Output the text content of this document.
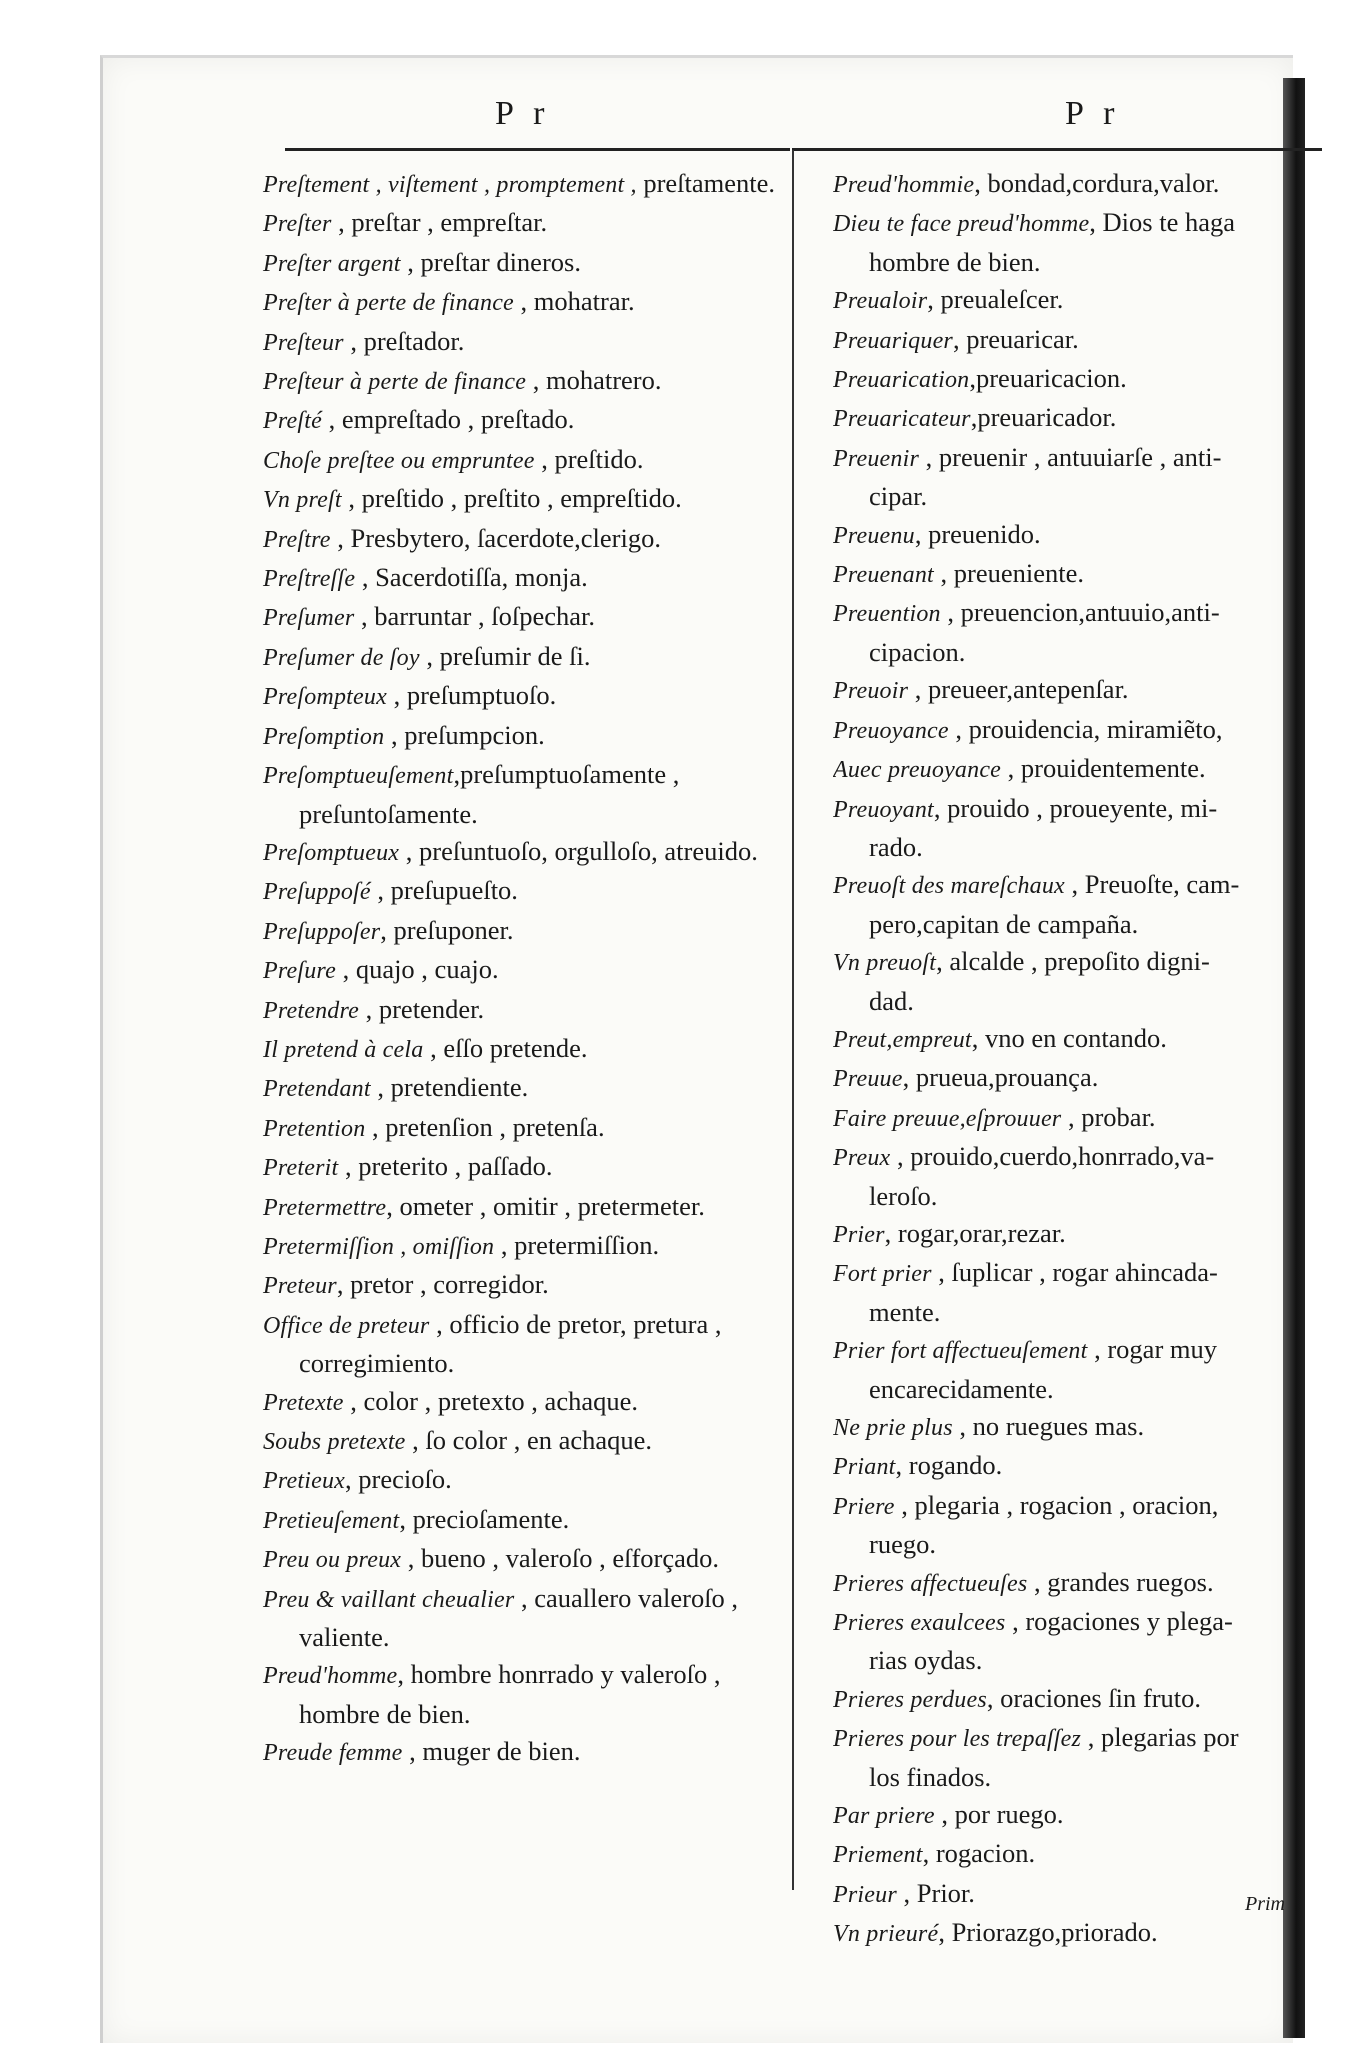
P r	P r
Preſtement , viſtement , promptement , preſtamente.
Preſter , preſtar , empreſtar.
Preſter argent , preſtar dineros.
Preſter à perte de finance , mohatrar.
Preſteur , preſtador.
Preſteur à perte de finance , mohatrero.
Preſté , empreſtado , preſtado.
Choſe preſtee ou empruntee , preſtido.
Vn preſt , preſtido , preſtito , empreſtido.
Preſtre , Presbytero, ſacerdote,clerigo.
Preſtreſſe , Sacerdotiſſa, monja.
Preſumer , barruntar , ſoſpechar.
Preſumer de ſoy , preſumir de ſi.
Preſompteux , preſumptuoſo.
Preſomption , preſumpcion.
Preſomptueuſement,preſumptuoſamente , preſuntoſamente.
Preſomptueux , preſuntuoſo, orgulloſo, atreuido.
Preſuppoſé , preſupueſto.
Preſuppoſer, preſuponer.
Preſure , quajo , cuajo.
Pretendre , pretender.
Il pretend à cela , eſſo pretende.
Pretendant , pretendiente.
Pretention , pretenſion , pretenſa.
Preterit , preterito , paſſado.
Pretermettre, ometer , omitir , pretermeter.
Pretermiſſion , omiſſion , pretermiſſion.
Preteur, pretor , corregidor.
Office de preteur , officio de pretor, pretura , corregimiento.
Pretexte , color , pretexto , achaque.
Soubs pretexte , ſo color , en achaque.
Pretieux, precioſo.
Pretieuſement, precioſamente.
Preu ou preux , bueno , valeroſo , eſforçado.
Preu & vaillant cheualier , cauallero valeroſo , valiente.
Preud'homme, hombre honrrado y valeroſo , hombre de bien.
Preude femme , muger de bien.
Preud'hommie, bondad,cordura,valor.
Dieu te face preud'homme, Dios te haga
hombre de bien.
Preualoir, preualeſcer.
Preuariquer, preuaricar.
Preuarication,preuaricacion.
Preuaricateur,preuaricador.
Preuenir , preuenir , antuuiarſe , anti-
cipar.
Preuenu, preuenido.
Preuenant , preueniente.
Preuention , preuencion,antuuio,anti-
cipacion.
Preuoir , preueer,antepenſar.
Preuoyance , prouidencia, miramiẽto,
Auec preuoyance , prouidentemente.
Preuoyant, prouido , proueyente, mi-
rado.
Preuoſt des mareſchaux , Preuoſte, cam-
pero,capitan de campaña.
Vn preuoſt, alcalde , prepoſito digni-
dad.
Preut,empreut, vno en contando.
Preuue, prueua,prouança.
Faire preuue,eſprouuer , probar.
Preux , prouido,cuerdo,honrrado,va-
leroſo.
Prier, rogar,orar,rezar.
Fort prier , ſuplicar , rogar ahincada-
mente.
Prier fort affectueuſement , rogar muy
encarecidamente.
Ne prie plus , no ruegues mas.
Priant, rogando.
Priere , plegaria , rogacion , oracion,
ruego.
Prieres affectueuſes , grandes ruegos.
Prieres exaulcees , rogaciones y plega-
rias oydas.
Prieres perdues, oraciones ſin fruto.
Prieres pour les trepaſſez , plegarias por
los finados.
Par priere , por ruego.
Priement, rogacion.
Prieur , Prior.
Vn prieuré, Priorazgo,priorado.
Prim
